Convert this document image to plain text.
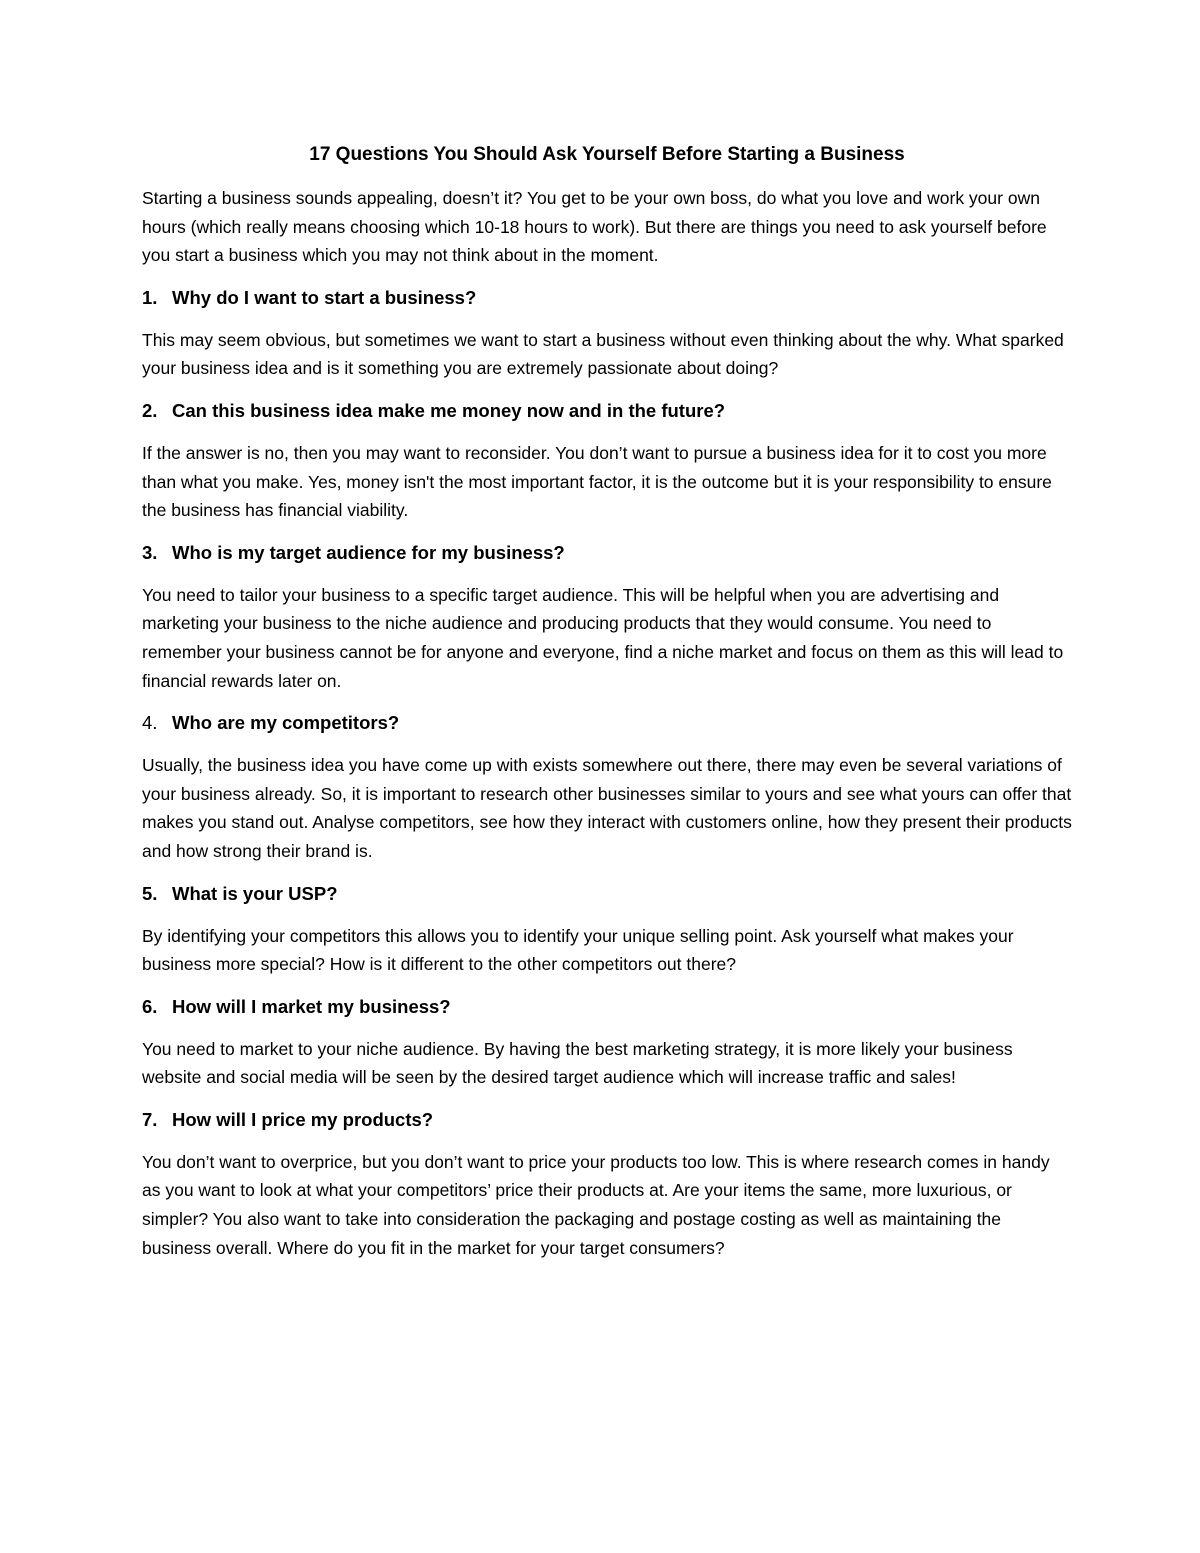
17 Questions You Should Ask Yourself Before Starting a Business

Starting a business sounds appealing, doesn’t it? You get to be your own boss, do what you love and work your own hours (which really means choosing which 10-18 hours to work). But there are things you need to ask yourself before you start a business which you may not think about in the moment.

1. Why do I want to start a business?

This may seem obvious, but sometimes we want to start a business without even thinking about the why. What sparked your business idea and is it something you are extremely passionate about doing?

2. Can this business idea make me money now and in the future?

If the answer is no, then you may want to reconsider. You don’t want to pursue a business idea for it to cost you more than what you make. Yes, money isn't the most important factor, it is the outcome but it is your responsibility to ensure the business has financial viability.

3. Who is my target audience for my business?

You need to tailor your business to a specific target audience. This will be helpful when you are advertising and marketing your business to the niche audience and producing products that they would consume. You need to remember your business cannot be for anyone and everyone, find a niche market and focus on them as this will lead to financial rewards later on.

4. Who are my competitors?

Usually, the business idea you have come up with exists somewhere out there, there may even be several variations of your business already. So, it is important to research other businesses similar to yours and see what yours can offer that makes you stand out. Analyse competitors, see how they interact with customers online, how they present their products and how strong their brand is.

5. What is your USP?

By identifying your competitors this allows you to identify your unique selling point. Ask yourself what makes your business more special? How is it different to the other competitors out there?

6. How will I market my business?

You need to market to your niche audience. By having the best marketing strategy, it is more likely your business website and social media will be seen by the desired target audience which will increase traffic and sales!

7. How will I price my products?

You don’t want to overprice, but you don’t want to price your products too low. This is where research comes in handy as you want to look at what your competitors’ price their products at. Are your items the same, more luxurious, or simpler? You also want to take into consideration the packaging and postage costing as well as maintaining the business overall. Where do you fit in the market for your target consumers?
